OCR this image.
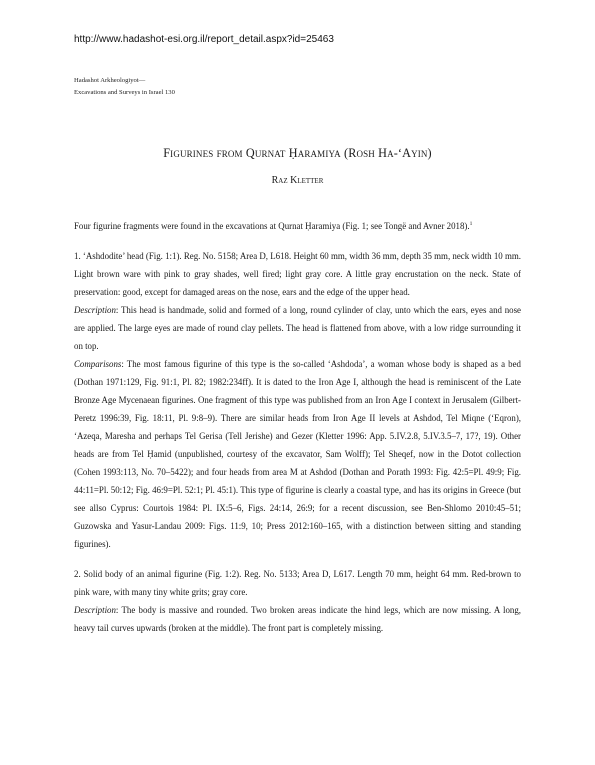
http://www.hadashot-esi.org.il/report_detail.aspx?id=25463
Hadashot Arkheologiyot—
Excavations and Surveys in Israel 130
Figurines from Qurnat Ḥaramiya (Rosh Ha-‘Ayin)
Raz Kletter

Four figurine fragments were found in the excavations at Qurnat Ḥaramiya (Fig. 1; see Tongë and Avner 2018).$^1$

1. ‘Ashdodite’ head (Fig. 1:1). Reg. No. 5158; Area D, L618. Height 60 mm, width 36 mm, depth 35 mm, neck width 10 mm. Light brown ware with pink to gray shades, well fired; light gray core. A little gray encrustation on the neck. State of preservation: good, except for damaged areas on the nose, ears and the edge of the upper head.

Description: This head is handmade, solid and formed of a long, round cylinder of clay, unto which the ears, eyes and nose are applied. The large eyes are made of round clay pellets. The head is flattened from above, with a low ridge surrounding it on top.

Comparisons: The most famous figurine of this type is the so-called ‘Ashdoda’, a woman whose body is shaped as a bed (Dothan 1971:129, Fig. 91:1, Pl. 82; 1982:234ff). It is dated to the Iron Age I, although the head is reminiscent of the Late Bronze Age Mycenaean figurines. One fragment of this type was published from an Iron Age I context in Jerusalem (Gilbert-Peretz 1996:39, Fig. 18:11, Pl. 9:8–9). There are similar heads from Iron Age II levels at Ashdod, Tel Miqne (‘Eqron), ‘Azeqa, Maresha and perhaps Tel Gerisa (Tell Jerishe) and Gezer (Kletter 1996: App. 5.IV.2.8, 5.IV.3.5–7, 17?, 19). Other heads are from Tel Ḥamid (unpublished, courtesy of the excavator, Sam Wolff); Tel Sheqef, now in the Dotot collection (Cohen 1993:113, No. 70–5422); and four heads from area M at Ashdod (Dothan and Porath 1993: Fig. 42:5=Pl. 49:9; Fig. 44:11=Pl. 50:12; Fig. 46:9=Pl. 52:1; Pl. 45:1). This type of figurine is clearly a coastal type, and has its origins in Greece (but see allso Cyprus: Courtois 1984: Pl. IX:5–6, Figs. 24:14, 26:9; for a recent discussion, see Ben-Shlomo 2010:45–51; Guzowska and Yasur-Landau 2009: Figs. 11:9, 10; Press 2012:160–165, with a distinction between sitting and standing figurines).

2. Solid body of an animal figurine (Fig. 1:2). Reg. No. 5133; Area D, L617. Length 70 mm, height 64 mm. Red-brown to pink ware, with many tiny white grits; gray core.

Description: The body is massive and rounded. Two broken areas indicate the hind legs, which are now missing. A long, heavy tail curves upwards (broken at the middle). The front part is completely missing.
